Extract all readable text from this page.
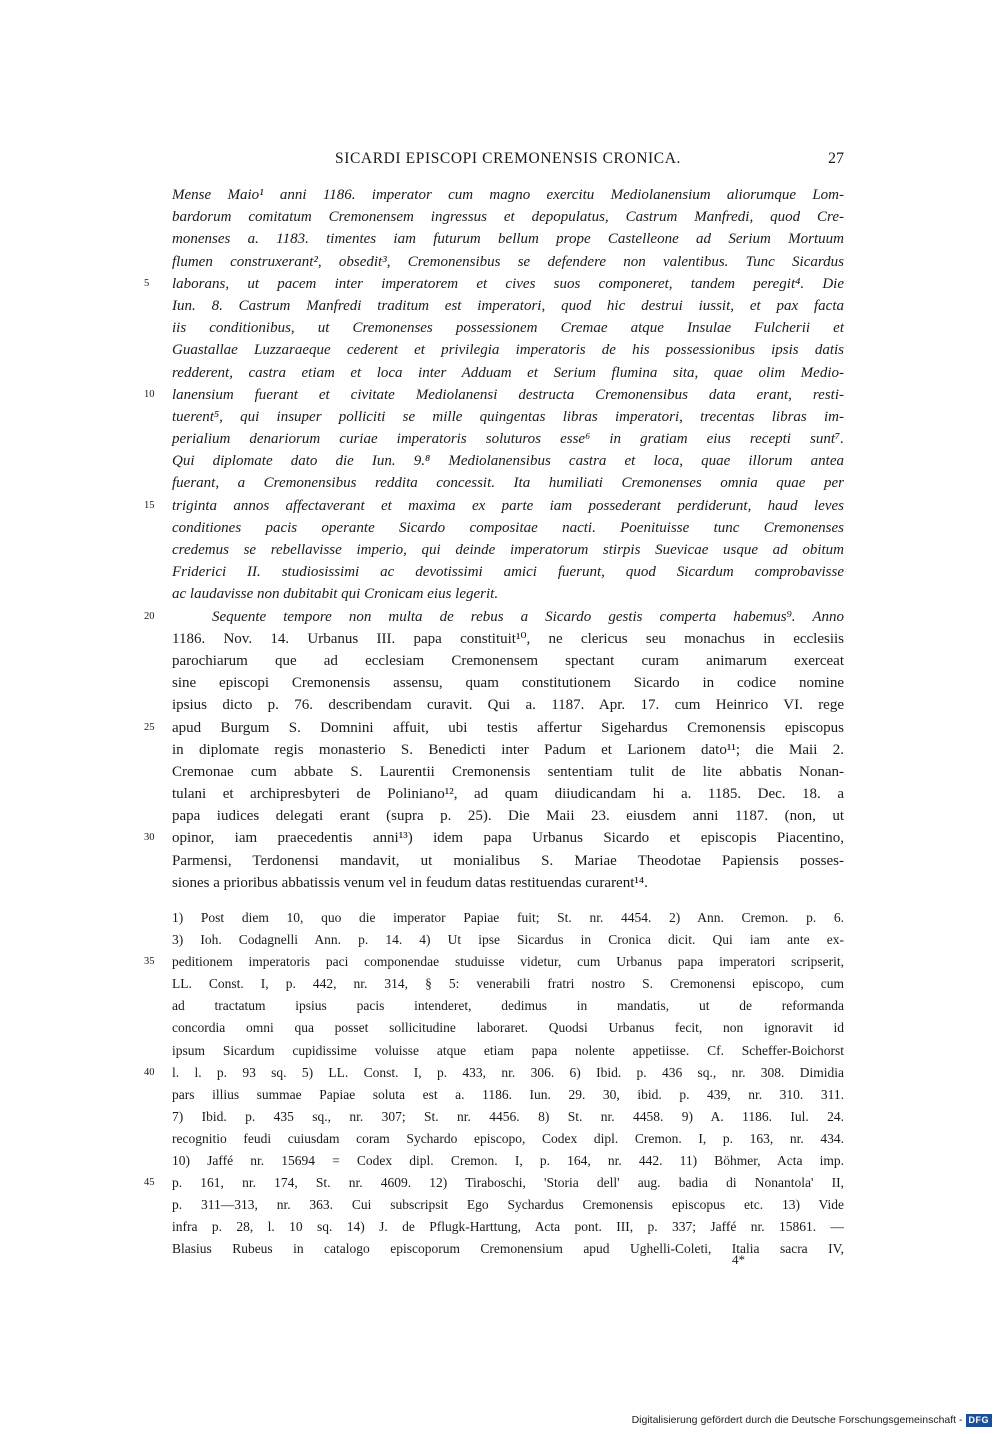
SICARDI EPISCOPI CREMONENSIS CRONICA.	27
Mense Maio¹ anni 1186. imperator cum magno exercitu Mediolanensium aliorumque Lom-
bardorum comitatum Cremonensem ingressus et depopulatus, Castrum Manfredi, quod Cre-
monenses a. 1183. timentes iam futurum bellum prope Castelleone ad Serium Mortuum
flumen construxerant², obsedit³, Cremonensibus se defendere non valentibus. Tunc Sicardus
5	laborans, ut pacem inter imperatorem et cives suos componeret, tandem peregit⁴. Die
Iun. 8. Castrum Manfredi traditum est imperatori, quod hic destrui iussit, et pax facta
iis conditionibus, ut Cremonenses possessionem Cremae atque Insulae Fulcherii et
Guastallae Luzzaraeque cederent et privilegia imperatoris de his possessionibus ipsis datis
redderent, castra etiam et loca inter Adduam et Serium flumina sita, quae olim Medio-
10	lanensium fuerant et civitate Mediolanensi destructa Cremonensibus data erant, resti-
tuerent⁵, qui insuper polliciti se mille quingentas libras imperatori, trecentas libras im-
perialium denariorum curiae imperatoris soluturos esse⁶ in gratiam eius recepti sunt⁷.
Qui diplomate dato die Iun. 9.⁸ Mediolanensibus castra et loca, quae illorum antea
fuerant, a Cremonensibus reddita concessit. Ita humiliati Cremonenses omnia quae per
15	triginta annos affectaverant et maxima ex parte iam possederant perdiderunt, haud leves
conditiones pacis operante Sicardo compositae nacti. Poenituisse tunc Cremonenses
credemus se rebellavisse imperio, qui deinde imperatorum stirpis Suevicae usque ad obitum
Friderici II. studiosissimi ac devotissimi amici fuerunt, quod Sicardum comprobavisse
ac laudavisse non dubitabit qui Cronicam eius legerit.
20	Sequente tempore non multa de rebus a Sicardo gestis comperta habemus⁹. Anno
1186. Nov. 14. Urbanus III. papa constituit¹⁰, ne clericus seu monachus in ecclesiis
parochiarum que ad ecclesiam Cremonensem spectant curam animarum exerceat
sine episcopi Cremonensis assensu, quam constitutionem Sicardo in codice nomine
ipsius dicto p. 76. describendam curavit. Qui a. 1187. Apr. 17. cum Heinrico VI. rege
25	apud Burgum S. Domnini affuit, ubi testis affertur Sigehardus Cremonensis episcopus
in diplomate regis monasterio S. Benedicti inter Padum et Larionem dato¹¹; die Maii 2.
Cremonae cum abbate S. Laurentii Cremonensis sententiam tulit de lite abbatis Nonan-
tulani et archipresbyteri de Poliniano¹², ad quam diiudicandam hi a. 1185. Dec. 18. a
papa iudices delegati erant (supra p. 25). Die Maii 23. eiusdem anni 1187. (non, ut
30	opinor, iam praecedentis anni¹³) idem papa Urbanus Sicardo et episcopis Piacentino,
Parmensi, Terdonensi mandavit, ut monialibus S. Mariae Theodotae Papiensis posses-
siones a prioribus abbatissis venum vel in feudum datas restituendas curarent¹⁴.
1) Post diem 10, quo die imperator Papiae fuit; St. nr. 4454. 2) Ann. Cremon. p. 6.
3) Ioh. Codagnelli Ann. p. 14. 4) Ut ipse Sicardus in Cronica dicit. Qui iam ante ex-
35	peditionem imperatoris paci componendae studuisse videtur, cum Urbanus papa imperatori scripserit,
LL. Const. I, p. 442, nr. 314, § 5: venerabili fratri nostro S. Cremonensi episcopo, cum
ad tractatum ipsius pacis intenderet, dedimus in mandatis, ut de reformanda
concordia omni qua posset sollicitudine laboraret. Quodsi Urbanus fecit, non ignoravit id
ipsum Sicardum cupidissime voluisse atque etiam papa nolente appetiisse. Cf. Scheffer-Boichorst
40	l. l. p. 93 sq. 5) LL. Const. I, p. 433, nr. 306. 6) Ibid. p. 436 sq., nr. 308. Dimidia
pars illius summae Papiae soluta est a. 1186. Iun. 29. 30, ibid. p. 439, nr. 310. 311.
7) Ibid. p. 435 sq., nr. 307; St. nr. 4456. 8) St. nr. 4458. 9) A. 1186. Iul. 24.
recognitio feudi cuiusdam coram Sychardo episcopo, Codex dipl. Cremon. I, p. 163, nr. 434.
10) Jaffé nr. 15694 = Codex dipl. Cremon. I, p. 164, nr. 442. 11) Böhmer, Acta imp.
45	p. 161, nr. 174, St. nr. 4609. 12) Tiraboschi, 'Storia dell' aug. badia di Nonantola' II,
p. 311—313, nr. 363. Cui subscripsit Ego Sychardus Cremonensis episcopus etc. 13) Vide
infra p. 28, l. 10 sq. 14) J. de Pflugk-Harttung, Acta pont. III, p. 337; Jaffé nr. 15861. —
Blasius Rubeus in catalogo episcoporum Cremonensium apud Ughelli-Coleti, Italia sacra IV,
4*
Digitalisierung gefördert durch die Deutsche Forschungsgemeinschaft - DFG
